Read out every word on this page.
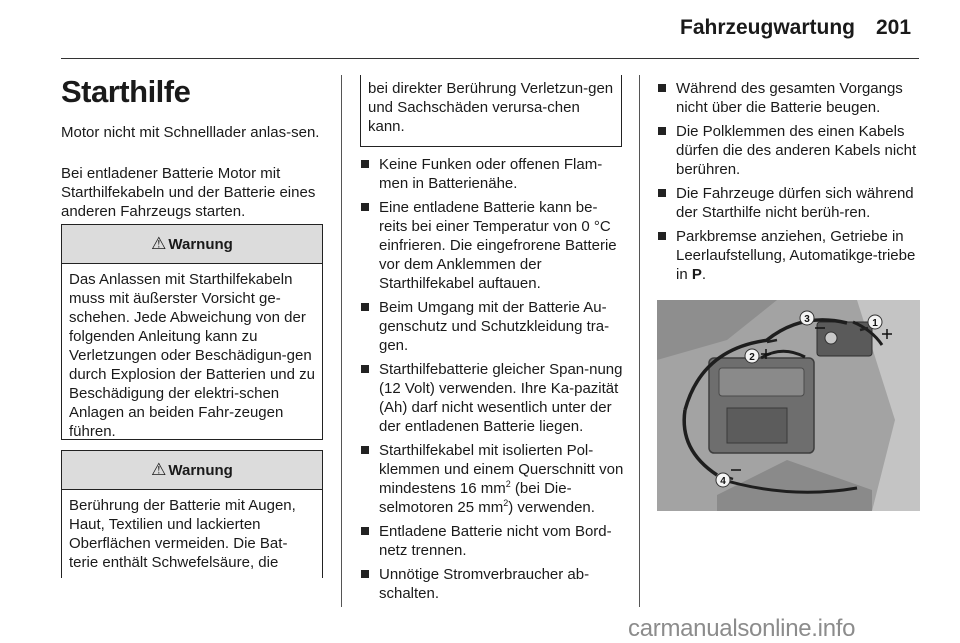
Fahrzeugwartung 201
Starthilfe

Motor nicht mit Schnelllader anlas-sen.

Bei entladener Batterie Motor mit Starthilfekabeln und der Batterie eines anderen Fahrzeugs starten.

⚠ Warnung
Das Anlassen mit Starthilfekabeln muss mit äußerster Vorsicht ge-schehen. Jede Abweichung von der folgenden Anleitung kann zu Verletzungen oder Beschädigun-gen durch Explosion der Batterien und zu Beschädigung der elektri-schen Anlagen an beiden Fahr-zeugen führen.
⚠ Warnung
Berührung der Batterie mit Augen, Haut, Textilien und lackierten Oberflächen vermeiden. Die Bat-terie enthält Schwefelsäure, die
bei direkter Berührung Verletzun-gen und Sachschäden verursa-chen kann.
Keine Funken oder offenen Flam-men in Batterienähe.
Eine entladene Batterie kann be-reits bei einer Temperatur von 0 °C einfrieren. Die eingefrorene Batterie vor dem Anklemmen der Starthilfekabel auftauen.
Beim Umgang mit der Batterie Au-genschutz und Schutzkleidung tra-gen.
Starthilfebatterie gleicher Span-nung (12 Volt) verwenden. Ihre Ka-pazität (Ah) darf nicht wesentlich unter der der entladenen Batterie liegen.
Starthilfekabel mit isolierten Pol-klemmen und einem Querschnitt von mindestens 16 $mm^2$ (bei Die-selmotoren 25 $mm^2$) verwenden.
Entladene Batterie nicht vom Bord-netz trennen.
Unnötige Stromverbraucher ab-schalten.
Während des gesamten Vorgangs nicht über die Batterie beugen.
Die Polklemmen des einen Kabels dürfen die des anderen Kabels nicht berühren.
Die Fahrzeuge dürfen sich während der Starthilfe nicht berüh-ren.
Parkbremse anziehen, Getriebe in Leerlaufstellung, Automatikge-triebe in P.
1
2
3
4
carmanualsonline.info
